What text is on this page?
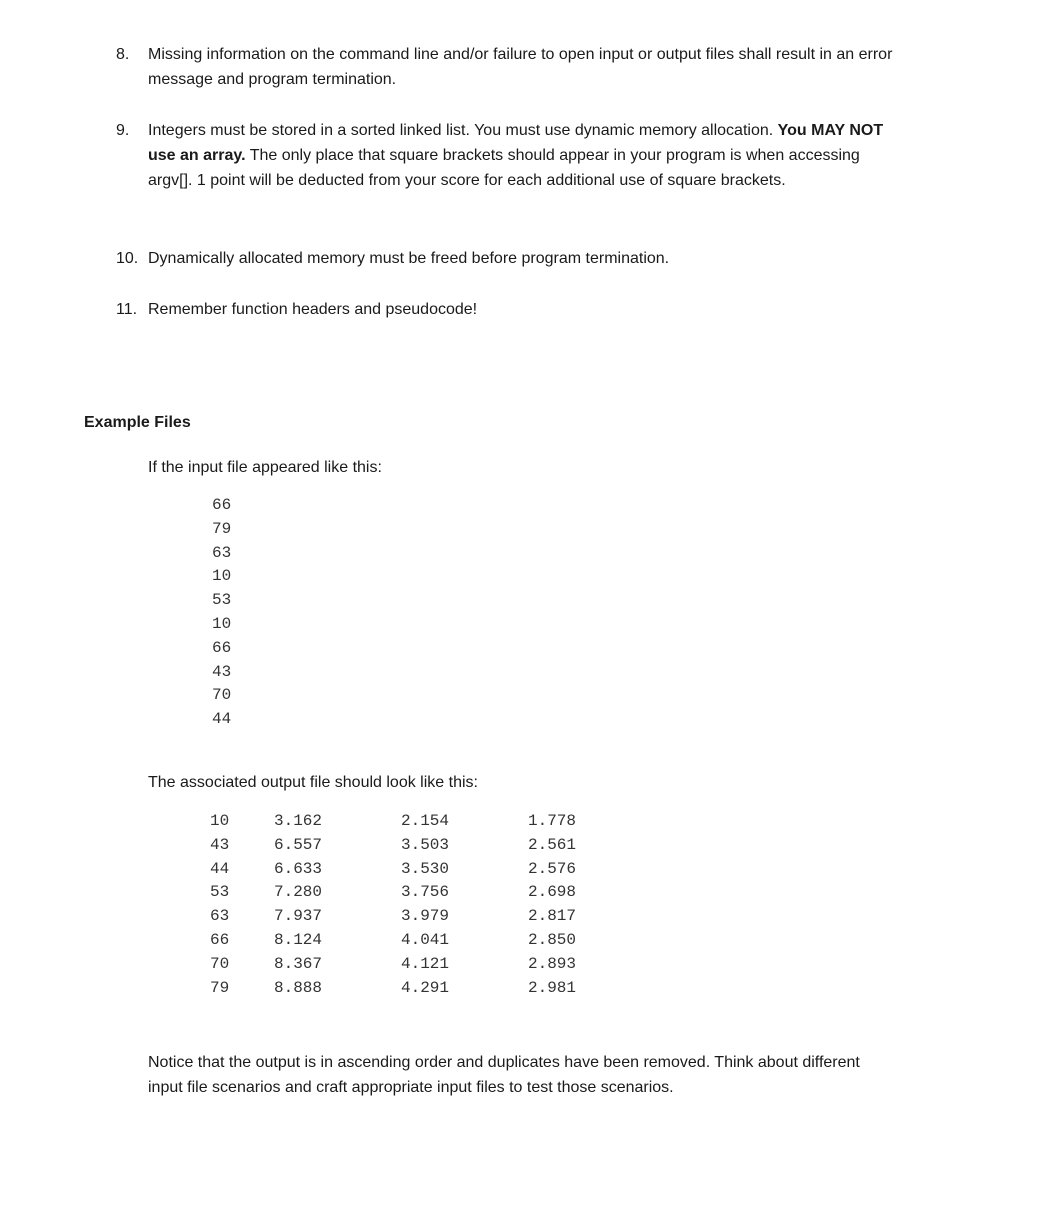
8. Missing information on the command line and/or failure to open input or output files shall result in an error message and program termination.
9. Integers must be stored in a sorted linked list. You must use dynamic memory allocation. You MAY NOT use an array. The only place that square brackets should appear in your program is when accessing argv[]. 1 point will be deducted from your score for each additional use of square brackets.
10. Dynamically allocated memory must be freed before program termination.
11. Remember function headers and pseudocode!
Example Files
If the input file appeared like this:
66
79
63
10
53
10
66
43
70
44
The associated output file should look like this:
10	3.162	2.154	1.778
43	6.557	3.503	2.561
44	6.633	3.530	2.576
53	7.280	3.756	2.698
63	7.937	3.979	2.817
66	8.124	4.041	2.850
70	8.367	4.121	2.893
79	8.888	4.291	2.981
Notice that the output is in ascending order and duplicates have been removed. Think about different input file scenarios and craft appropriate input files to test those scenarios.
